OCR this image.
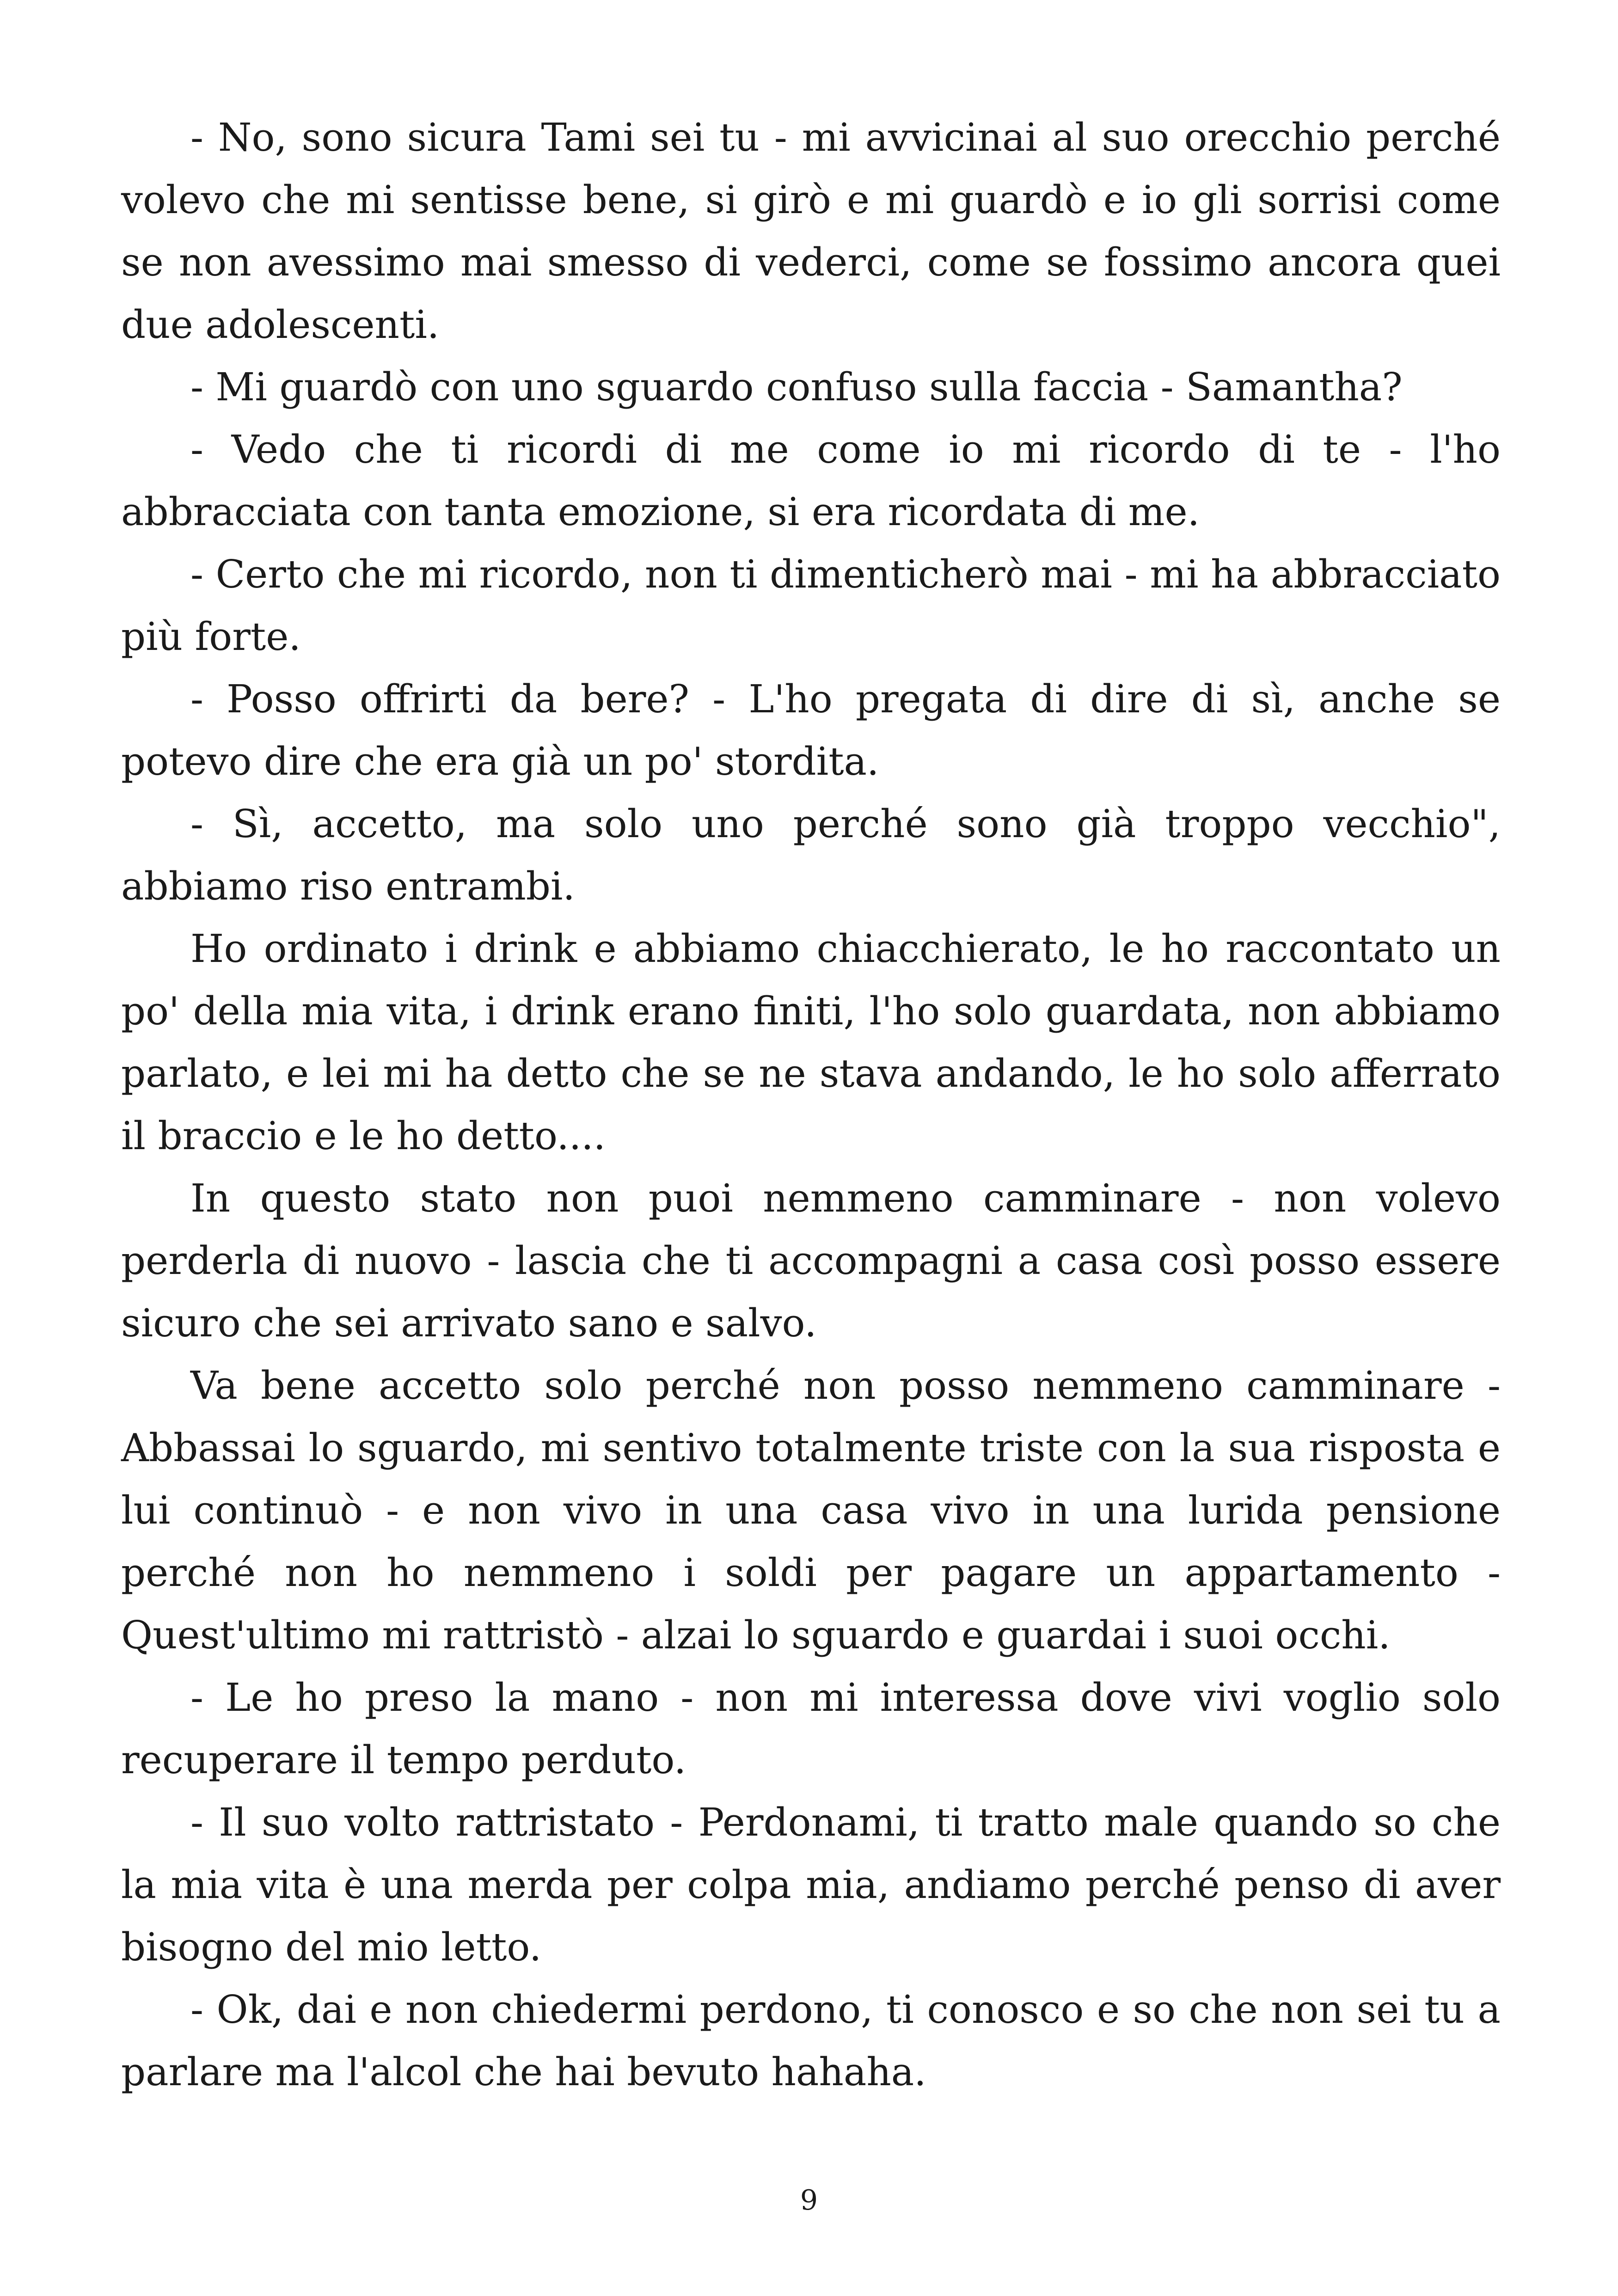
- No, sono sicura Tami sei tu - mi avvicinai al suo orecchio perché volevo che mi sentisse bene, si girò e mi guardò e io gli sorrisi come se non avessimo mai smesso di vederci, come se fossimo ancora quei due adolescenti.

- Mi guardò con uno sguardo confuso sulla faccia - Samantha?

- Vedo che ti ricordi di me come io mi ricordo di te - l'ho abbracciata con tanta emozione, si era ricordata di me.

- Certo che mi ricordo, non ti dimenticherò mai - mi ha abbracciato più forte.

- Posso offrirti da bere? - L'ho pregata di dire di sì, anche se potevo dire che era già un po' stordita.

- Sì, accetto, ma solo uno perché sono già troppo vecchio", abbiamo riso entrambi.

Ho ordinato i drink e abbiamo chiacchierato, le ho raccontato un po' della mia vita, i drink erano finiti, l'ho solo guardata, non abbiamo parlato, e lei mi ha detto che se ne stava andando, le ho solo afferrato il braccio e le ho detto....

In questo stato non puoi nemmeno camminare - non volevo perderla di nuovo - lascia che ti accompagni a casa così posso essere sicuro che sei arrivato sano e salvo.

Va bene accetto solo perché non posso nemmeno camminare - Abbassai lo sguardo, mi sentivo totalmente triste con la sua risposta e lui continuò - e non vivo in una casa vivo in una lurida pensione perché non ho nemmeno i soldi per pagare un appartamento - Quest'ultimo mi rattristò - alzai lo sguardo e guardai i suoi occhi.

- Le ho preso la mano - non mi interessa dove vivi voglio solo recuperare il tempo perduto.

- Il suo volto rattristato - Perdonami, ti tratto male quando so che la mia vita è una merda per colpa mia, andiamo perché penso di aver bisogno del mio letto.

- Ok, dai e non chiedermi perdono, ti conosco e so che non sei tu a parlare ma l'alcol che hai bevuto hahaha.

9
